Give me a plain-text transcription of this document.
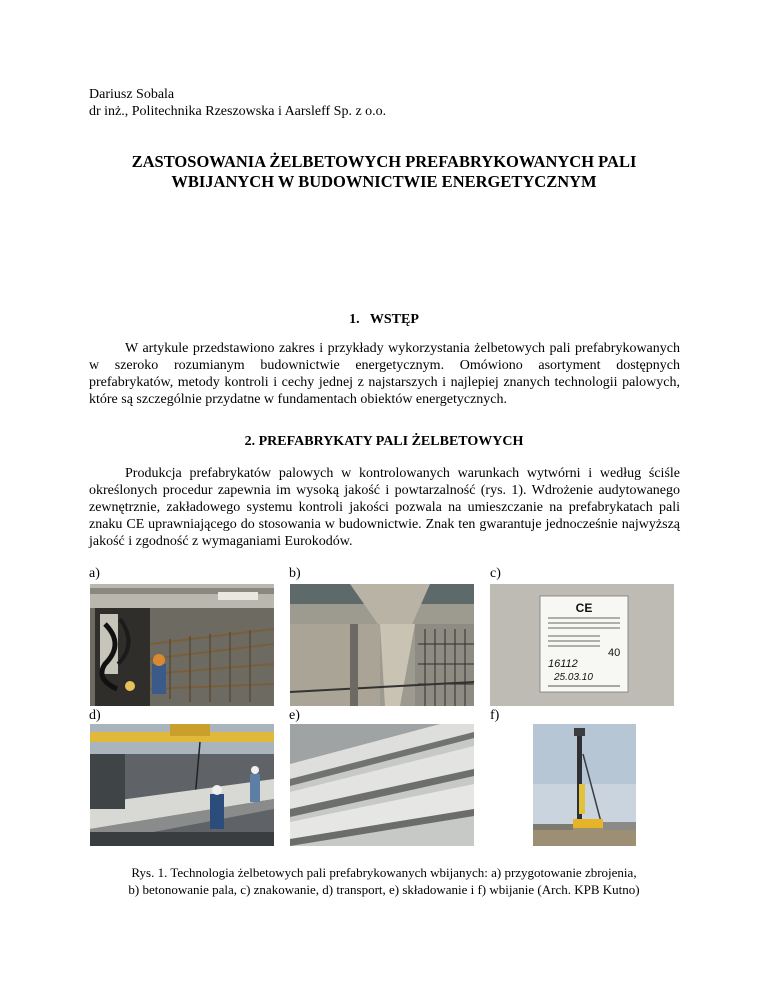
Dariusz Sobala
dr inż., Politechnika Rzeszowska i Aarsleff Sp. z o.o.
ZASTOSOWANIA ŻELBETOWYCH PREFABRYKOWANYCH PALI
WBIJANYCH W BUDOWNICTWIE ENERGETYCZNYM
1.   WSTĘP

W artykule przedstawiono zakres i przykłady wykorzystania żelbetowych pali prefabrykowanych w szeroko rozumianym budownictwie energetycznym. Omówiono asortyment dostępnych prefabrykatów, metody kontroli i cechy jednej z najstarszych i najlepiej znanych technologii palowych, które są szczególnie przydatne w fundamentach obiektów energetycznych.

2. PREFABRYKATY PALI ŻELBETOWYCH

Produkcja prefabrykatów palowych w kontrolowanych warunkach wytwórni i według ściśle określonych procedur zapewnia im wysoką jakość i powtarzalność (rys. 1). Wdrożenie audytowanego zewnętrznie, zakładowego systemu kontroli jakości pozwala na umieszczanie na prefabrykatach pali znaku CE uprawniającego do stosowania w budownictwie. Znak ten gwarantuje jednocześnie najwyższą jakość i zgodność z wymaganiami Eurokodów.

a)	b)	c)
d)	e)	f)
CE
40
16112
25.03.10
Rys. 1. Technologia żelbetowych pali prefabrykowanych wbijanych: a) przygotowanie zbrojenia,
b) betonowanie pala, c) znakowanie, d) transport, e) składowanie i f) wbijanie (Arch. KPB Kutno)
